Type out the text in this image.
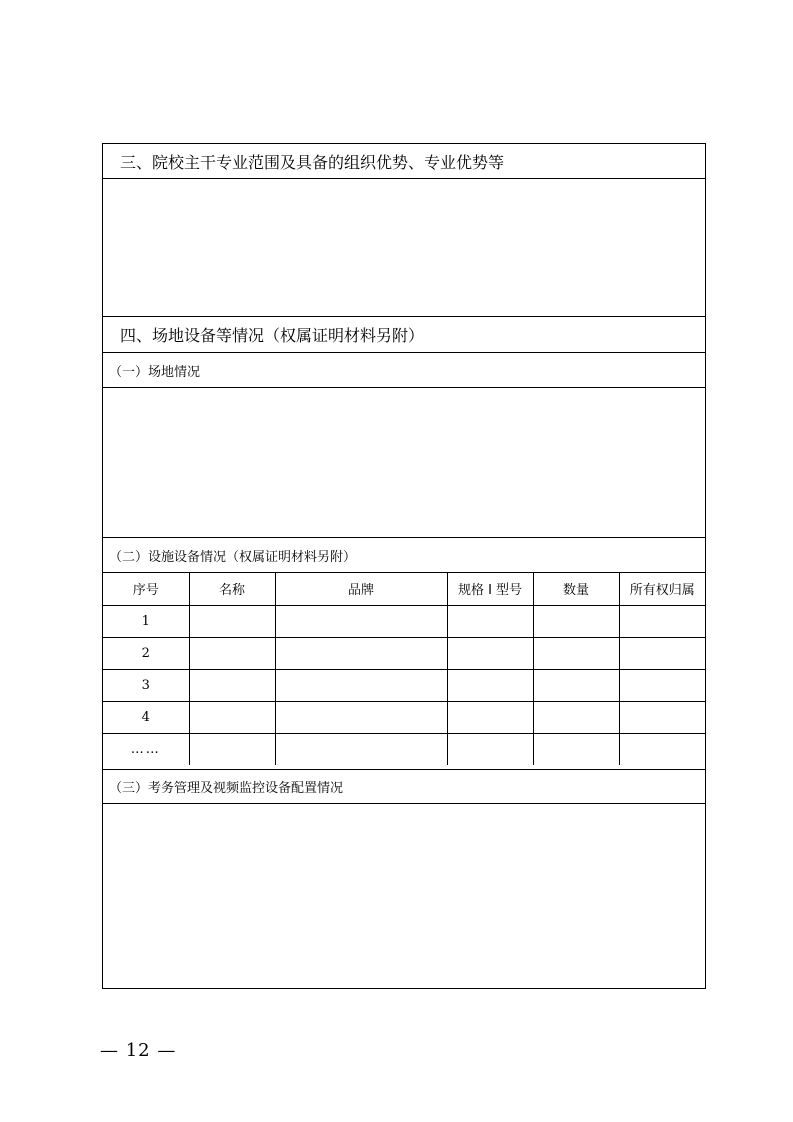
三、院校主干专业范围及具备的组织优势、专业优势等
四、场地设备等情况（权属证明材料另附）
（一）场地情况
（二）设施设备情况（权属证明材料另附）
序号	名称	品牌	规格 I 型号	数量	所有权归属
1					
2					
3					
4					
……					
（三）考务管理及视频监控设备配置情况
— 12 —
